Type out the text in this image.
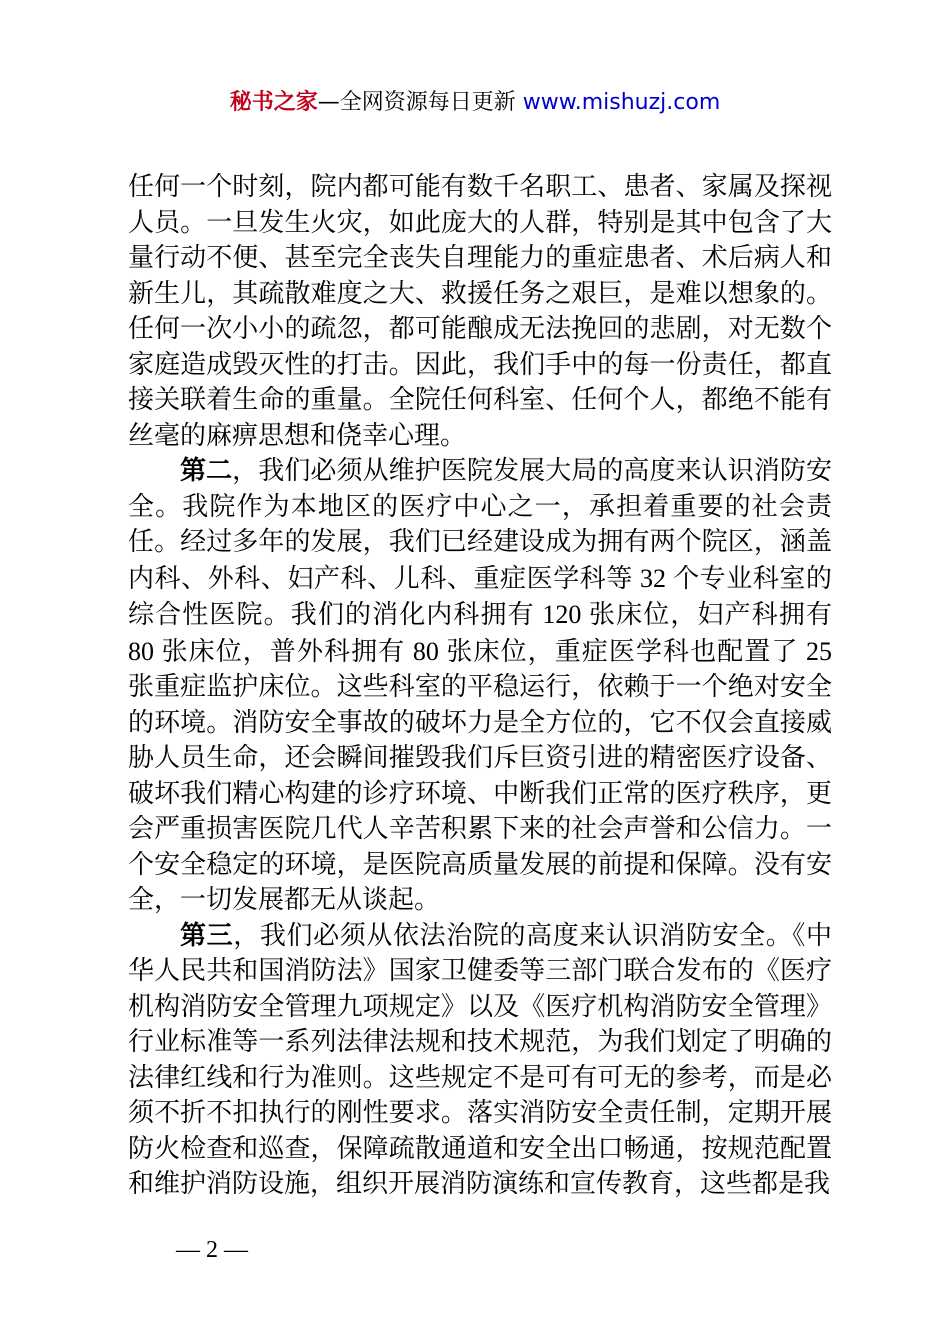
秘书之家—全网资源每日更新 www.mishuzj.com

任何一个时刻，院内都可能有数千名职工、患者、家属及探视人员。一旦发生火灾，如此庞大的人群，特别是其中包含了大量行动不便、甚至完全丧失自理能力的重症患者、术后病人和新生儿，其疏散难度之大、救援任务之艰巨，是难以想象的。任何一次小小的疏忽，都可能酿成无法挽回的悲剧，对无数个家庭造成毁灭性的打击。因此，我们手中的每一份责任，都直接关联着生命的重量。全院任何科室、任何个人，都绝不能有丝毫的麻痹思想和侥幸心理。

第二，我们必须从维护医院发展大局的高度来认识消防安全。我院作为本地区的医疗中心之一，承担着重要的社会责任。经过多年的发展，我们已经建设成为拥有两个院区，涵盖内科、外科、妇产科、儿科、重症医学科等 32 个专业科室的综合性医院。我们的消化内科拥有 120 张床位，妇产科拥有 80 张床位，普外科拥有 80 张床位，重症医学科也配置了 25 张重症监护床位。这些科室的平稳运行，依赖于一个绝对安全的环境。消防安全事故的破坏力是全方位的，它不仅会直接威胁人员生命，还会瞬间摧毁我们斥巨资引进的精密医疗设备、破坏我们精心构建的诊疗环境、中断我们正常的医疗秩序，更会严重损害医院几代人辛苦积累下来的社会声誉和公信力。一个安全稳定的环境，是医院高质量发展的前提和保障。没有安全，一切发展都无从谈起。

第三，我们必须从依法治院的高度来认识消防安全。《中华人民共和国消防法》国家卫健委等三部门联合发布的《医疗机构消防安全管理九项规定》以及《医疗机构消防安全管理》行业标准等一系列法律法规和技术规范，为我们划定了明确的法律红线和行为准则。这些规定不是可有可无的参考，而是必须不折不扣执行的刚性要求。落实消防安全责任制，定期开展防火检查和巡查，保障疏散通道和安全出口畅通，按规范配置和维护消防设施，组织开展消防演练和宣传教育，这些都是我

— 2 —
